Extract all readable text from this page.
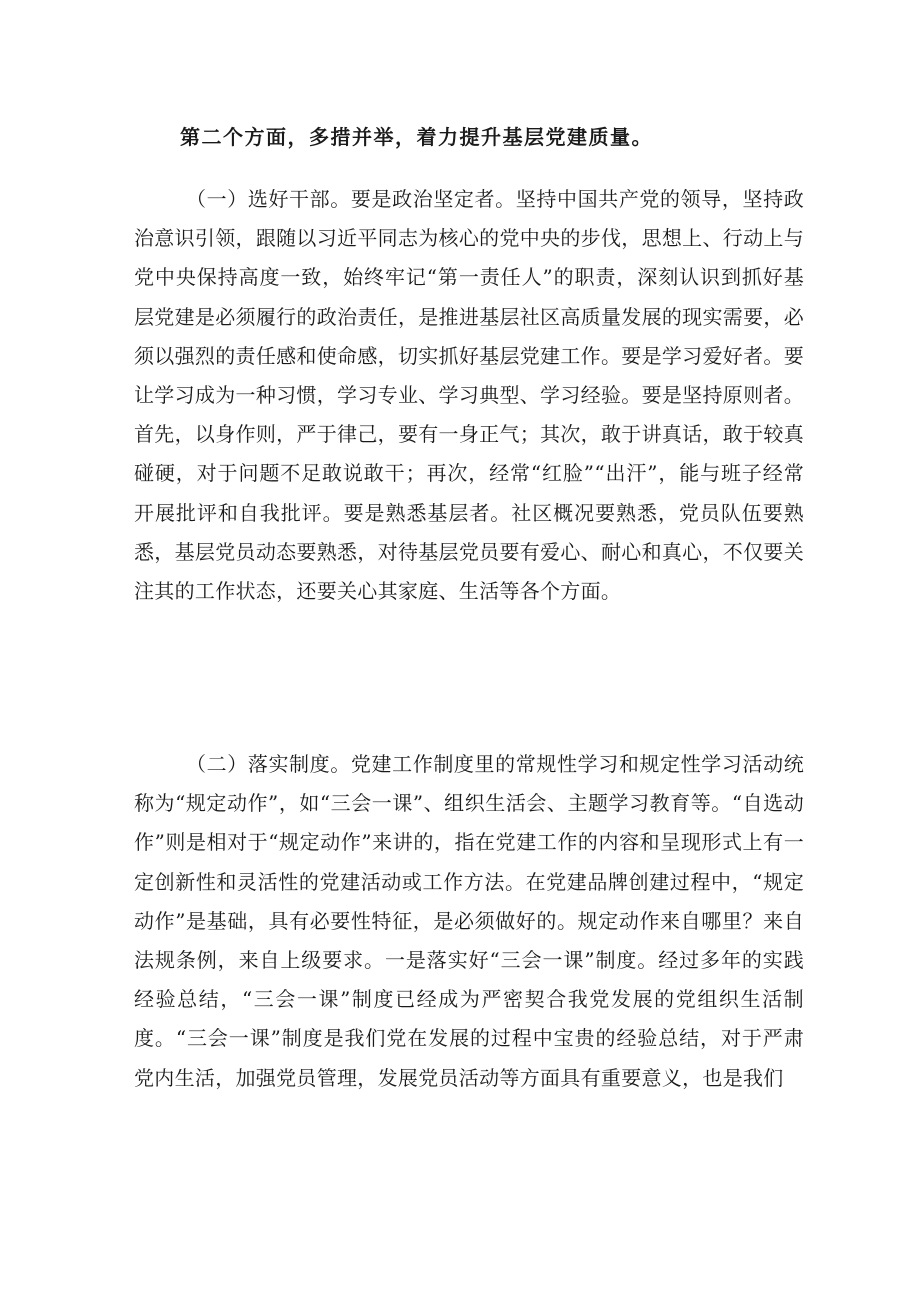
第二个方面，多措并举，着力提升基层党建质量。

（一）选好干部。要是政治坚定者。坚持中国共产党的领导，坚持政治意识引领，跟随以习近平同志为核心的党中央的步伐，思想上、行动上与党中央保持高度一致，始终牢记“第一责任人”的职责，深刻认识到抓好基层党建是必须履行的政治责任，是推进基层社区高质量发展的现实需要，必须以强烈的责任感和使命感，切实抓好基层党建工作。要是学习爱好者。要让学习成为一种习惯，学习专业、学习典型、学习经验。要是坚持原则者。首先，以身作则，严于律己，要有一身正气；其次，敢于讲真话，敢于较真碰硬，对于问题不足敢说敢干；再次，经常“红脸”“出汗”，能与班子经常开展批评和自我批评。要是熟悉基层者。社区概况要熟悉，党员队伍要熟悉，基层党员动态要熟悉，对待基层党员要有爱心、耐心和真心，不仅要关注其的工作状态，还要关心其家庭、生活等各个方面。

（二）落实制度。党建工作制度里的常规性学习和规定性学习活动统称为“规定动作”，如“三会一课”、组织生活会、主题学习教育等。“自选动作”则是相对于“规定动作”来讲的，指在党建工作的内容和呈现形式上有一定创新性和灵活性的党建活动或工作方法。在党建品牌创建过程中，“规定动作”是基础，具有必要性特征，是必须做好的。规定动作来自哪里？来自法规条例，来自上级要求。一是落实好“三会一课”制度。经过多年的实践经验总结，“三会一课”制度已经成为严密契合我党发展的党组织生活制度。“三会一课”制度是我们党在发展的过程中宝贵的经验总结，对于严肃党内生活，加强党员管理，发展党员活动等方面具有重要意义，也是我们
